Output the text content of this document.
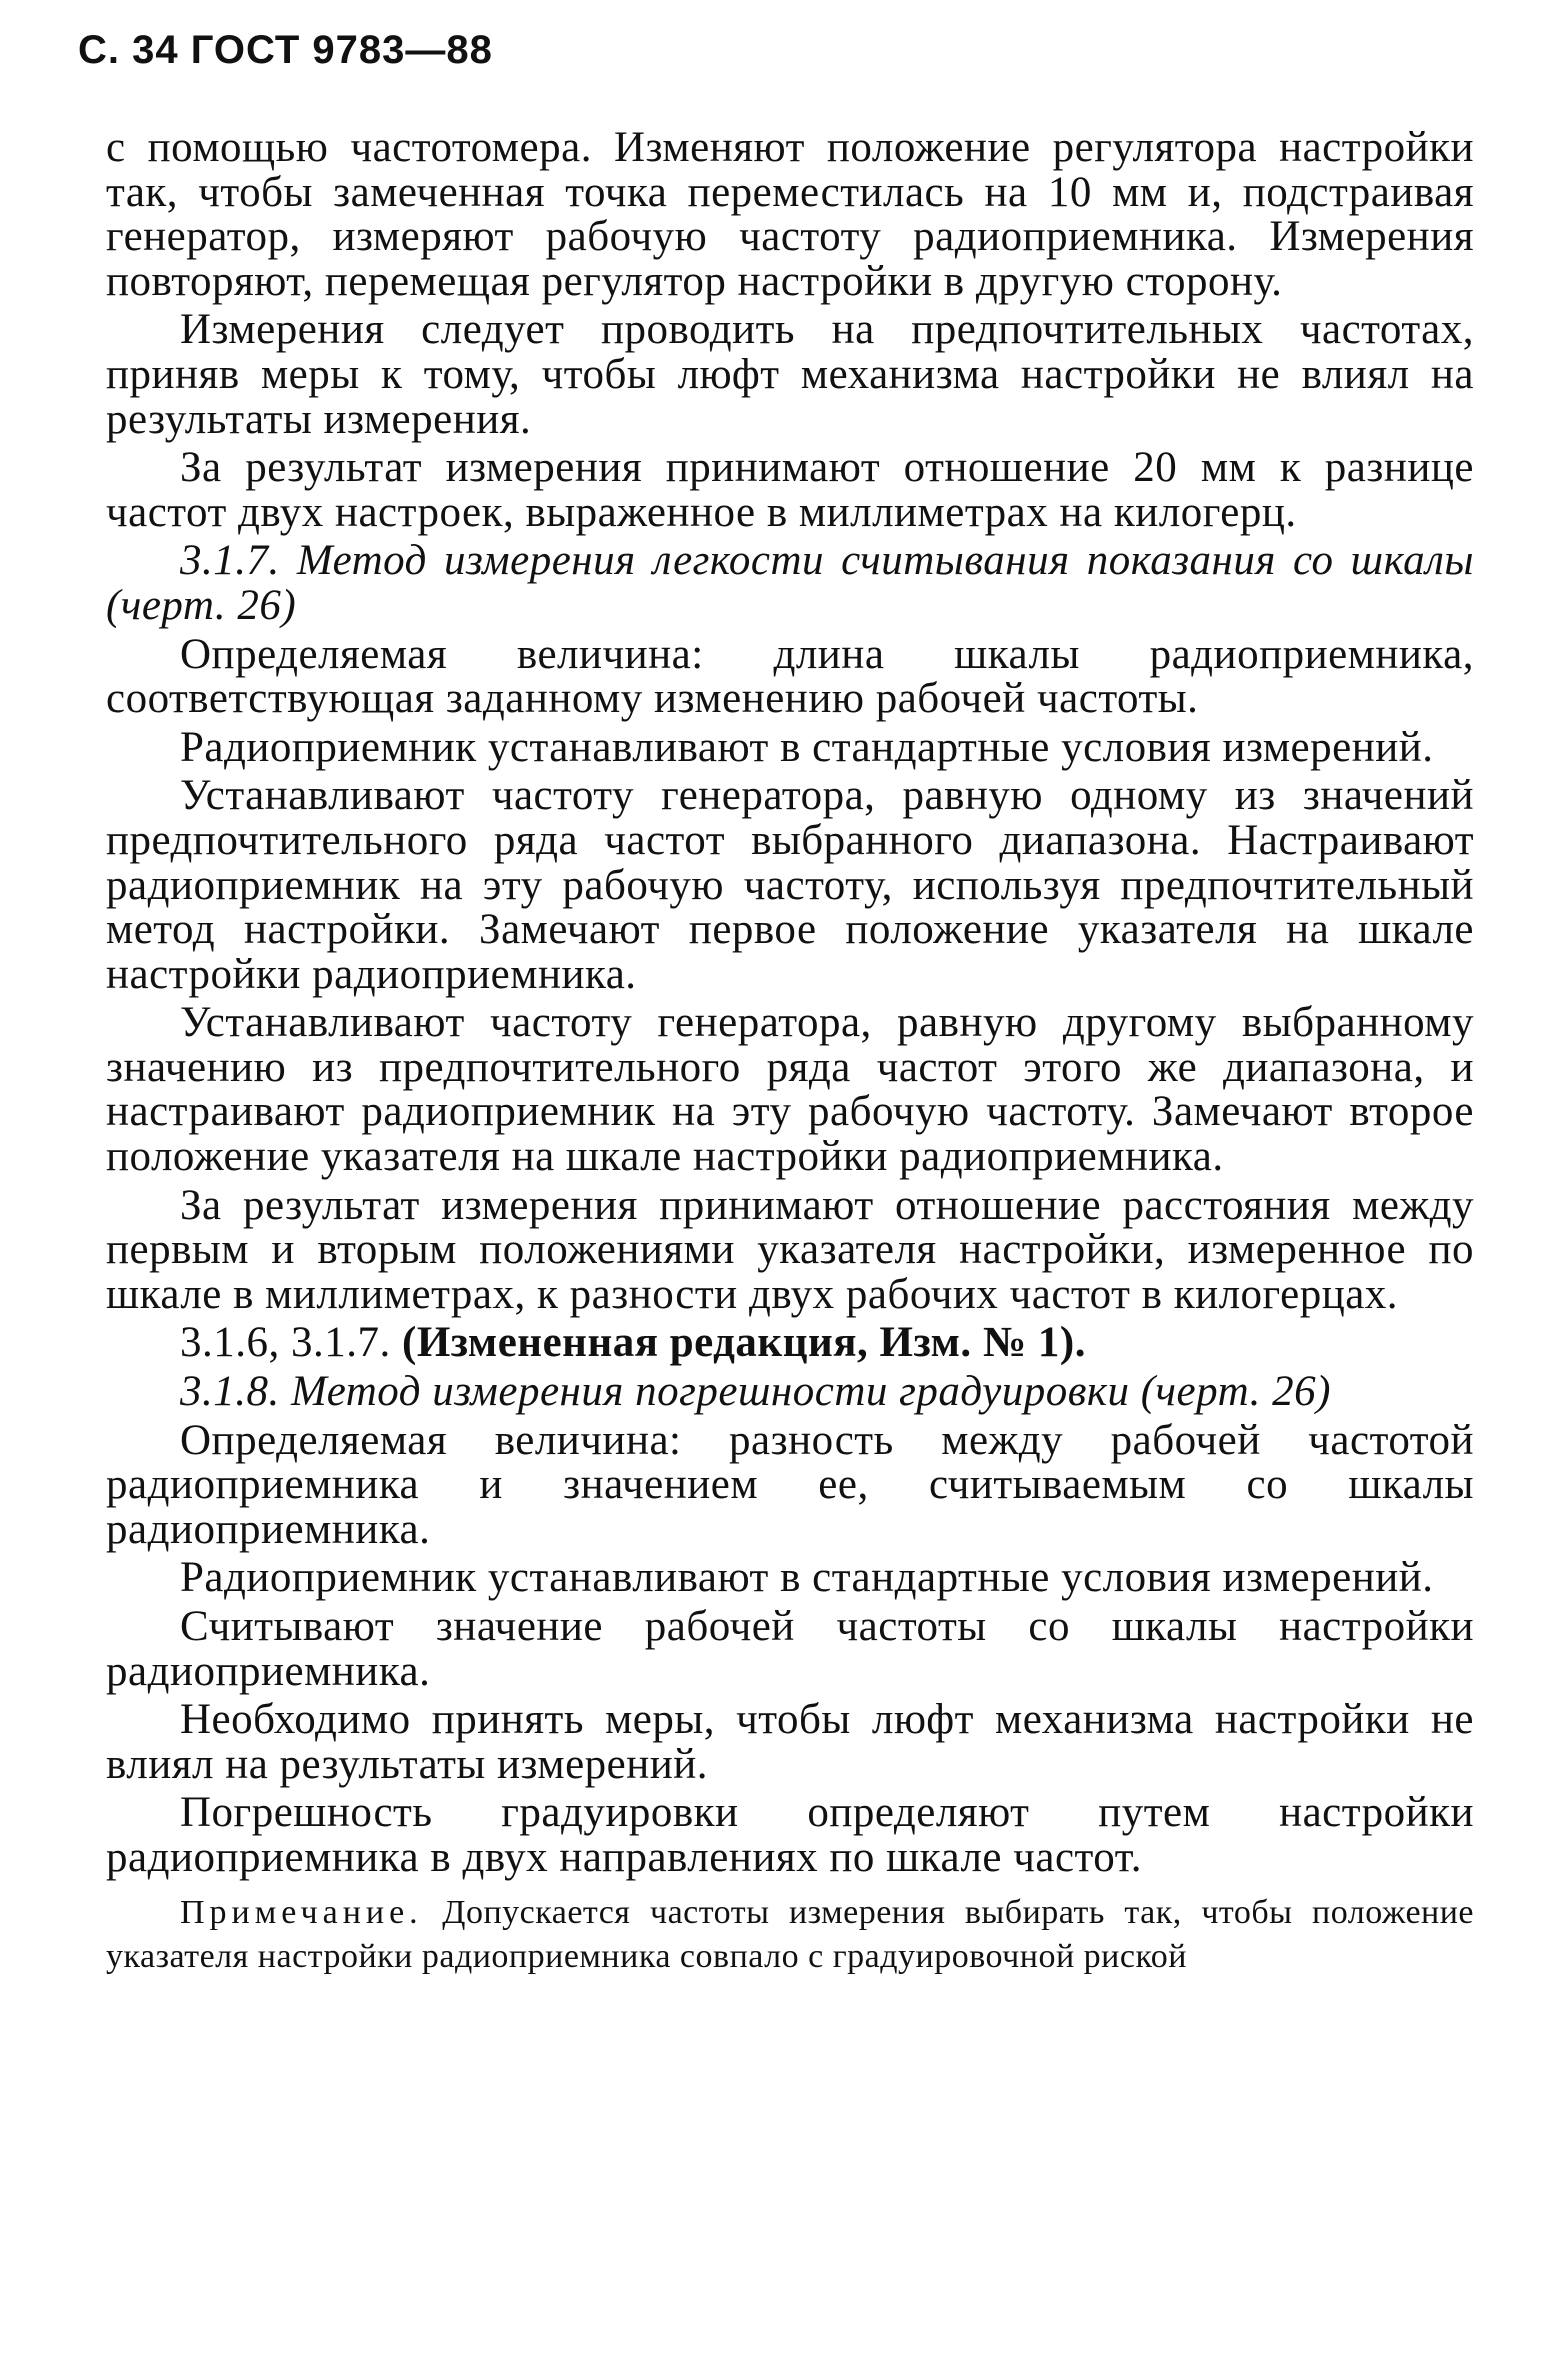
С. 34 ГОСТ 9783—88

с помощью частотомера. Изменяют положение регулятора настройки так, чтобы замеченная точка переместилась на 10 мм и, подстраивая генератор, измеряют рабочую частоту радиоприемника. Измерения повторяют, перемещая регулятор настройки в другую сторону.

Измерения следует проводить на предпочтительных частотах, приняв меры к тому, чтобы люфт механизма настройки не влиял на результаты измерения.

За результат измерения принимают отношение 20 мм к разнице частот двух настроек, выраженное в миллиметрах на килогерц.

3.1.7. Метод измерения легкости считывания показания со шкалы (черт. 26)

Определяемая величина: длина шкалы радиоприемника, соответствующая заданному изменению рабочей частоты.

Радиоприемник устанавливают в стандартные условия измерений.

Устанавливают частоту генератора, равную одному из значений предпочтительного ряда частот выбранного диапазона. Настраивают радиоприемник на эту рабочую частоту, используя предпочтительный метод настройки. Замечают первое положение указателя на шкале настройки радиоприемника.

Устанавливают частоту генератора, равную другому выбранному значению из предпочтительного ряда частот этого же диапазона, и настраивают радиоприемник на эту рабочую частоту. Замечают второе положение указателя на шкале настройки радиоприемника.

За результат измерения принимают отношение расстояния между первым и вторым положениями указателя настройки, измеренное по шкале в миллиметрах, к разности двух рабочих частот в килогерцах.

3.1.6, 3.1.7. (Измененная редакция, Изм. № 1).

3.1.8. Метод измерения погрешности градуировки (черт. 26)

Определяемая величина: разность между рабочей частотой радиоприемника и значением ее, считываемым со шкалы радиоприемника.

Радиоприемник устанавливают в стандартные условия измерений.

Считывают значение рабочей частоты со шкалы настройки радиоприемника.

Необходимо принять меры, чтобы люфт механизма настройки не влиял на результаты измерений.

Погрешность градуировки определяют путем настройки радиоприемника в двух направлениях по шкале частот.

Примечание. Допускается частоты измерения выбирать так, чтобы положение указателя настройки радиоприемника совпало с градуировочной риской
